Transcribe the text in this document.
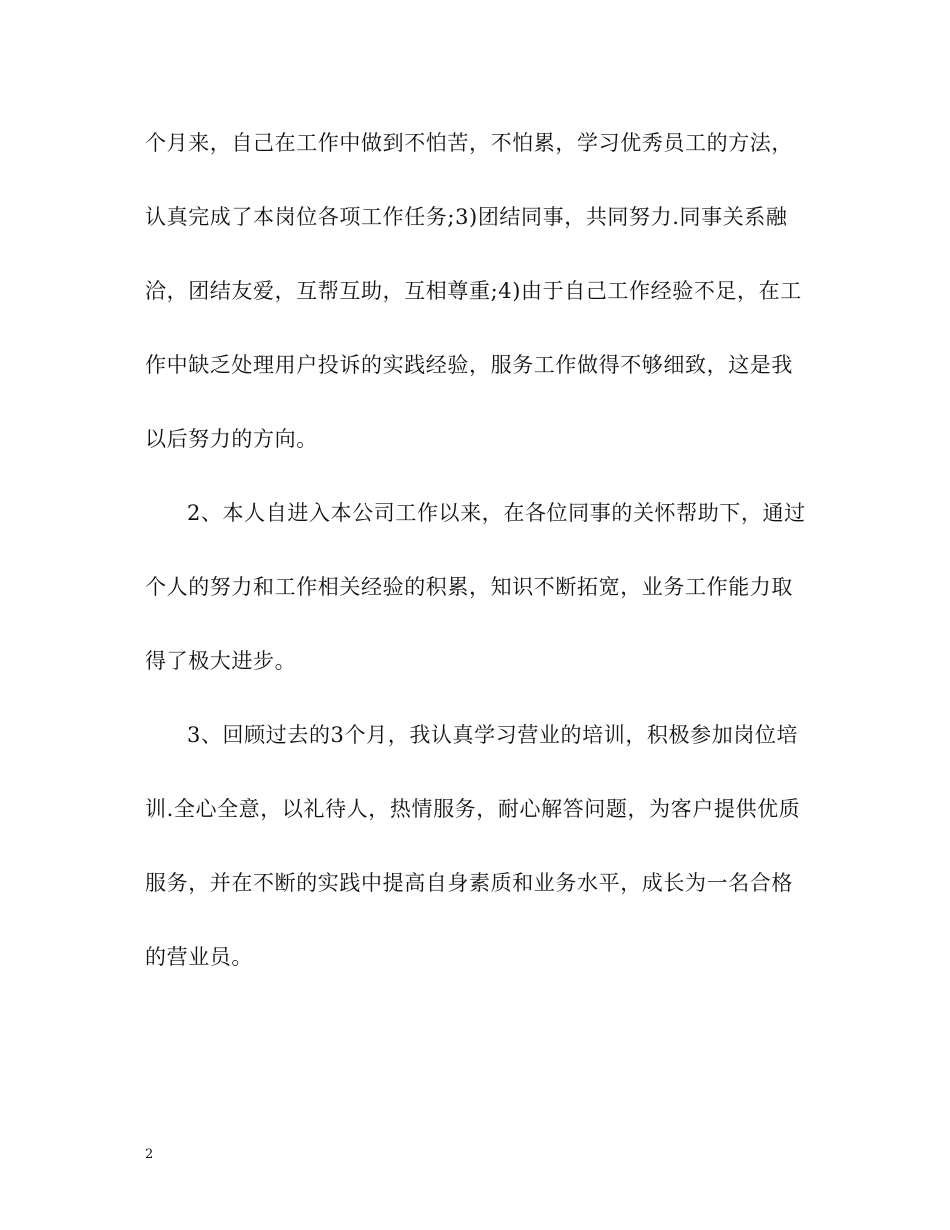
个月来，自己在工作中做到不怕苦，不怕累，学习优秀员工的方法，
认真完成了本岗位各项工作任务;3)团结同事，共同努力.同事关系融
洽，团结友爱，互帮互助，互相尊重;4)由于自己工作经验不足，在工
作中缺乏处理用户投诉的实践经验，服务工作做得不够细致，这是我
以后努力的方向。
2、本人自进入本公司工作以来，在各位同事的关怀帮助下，通过
个人的努力和工作相关经验的积累，知识不断拓宽，业务工作能力取
得了极大进步。
3、回顾过去的3个月，我认真学习营业的培训，积极参加岗位培
训.全心全意，以礼待人，热情服务，耐心解答问题，为客户提供优质
服务，并在不断的实践中提高自身素质和业务水平，成长为一名合格
的营业员。
2
